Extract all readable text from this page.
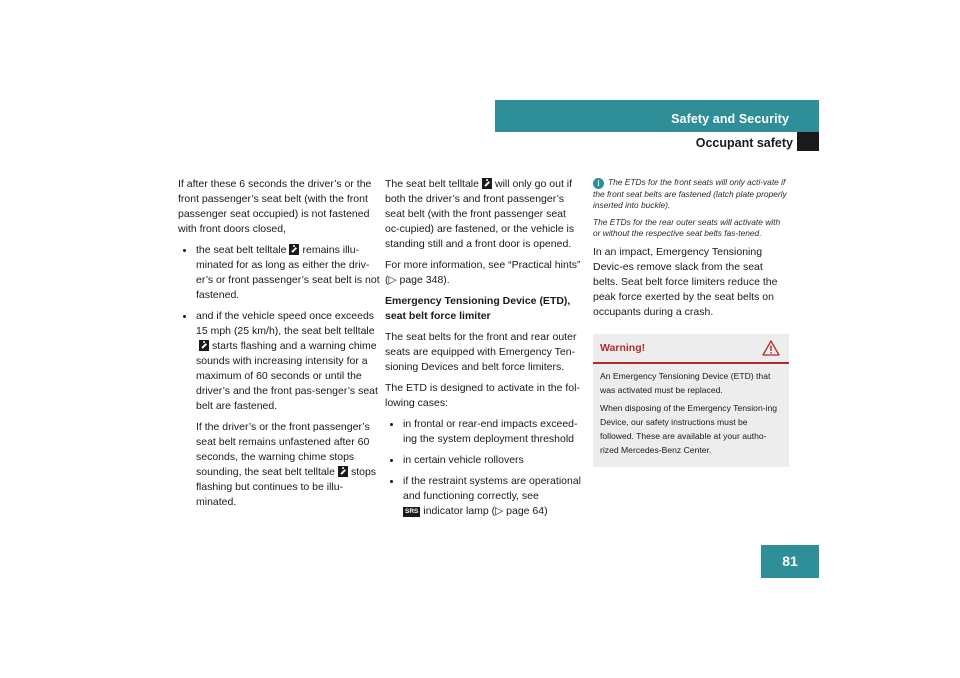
Safety and Security
Occupant safety

If after these 6 seconds the driver’s or the front passenger’s seat belt (with the front passenger seat occupied) is not fastened with front doors closed,

the seat belt telltale remains illu-minated for as long as either the driv-er’s or front passenger’s seat belt is not fastened.
and if the vehicle speed once exceeds 15 mph (25 km/h), the seat belt telltalestarts flashing and a warning chime sounds with increasing intensity for a maximum of 60 seconds or until the driver’s and the front pas-senger’s seat belt are fastened.

If the driver’s or the front passenger’s seat belt remains unfastened after 60 seconds, the warning chime stops sounding, the seat belt telltale stops flashing but continues to be illu-minated.

The seat belt telltale will only go out if both the driver’s and front passenger’s seat belt (with the front passenger seat oc-cupied) are fastened, or the vehicle is standing still and a front door is opened.

For more information, see “Practical hints” (▷ page 348).

Emergency Tensioning Device (ETD), seat belt force limiter

The seat belts for the front and rear outer seats are equipped with Emergency Ten-sioning Devices and belt force limiters.

The ETD is designed to activate in the fol-lowing cases:

in frontal or rear-end impacts exceed-ing the system deployment threshold
in certain vehicle rollovers
if the restraint systems are operational and functioning correctly, see
SRS indicator lamp (▷ page 64)

i The ETDs for the front seats will only acti-vate if the front seat belts are fastened (latch plate properly inserted into buckle).

The ETDs for the rear outer seats will activate with or without the respective seat belts fas-tened.

In an impact, Emergency Tensioning Devic-es remove slack from the seat belts. Seat belt force limiters reduce the peak force exerted by the seat belts on occupants during a crash.

Warning!

An Emergency Tensioning Device (ETD) that was activated must be replaced.

When disposing of the Emergency Tension-ing Device, our safety instructions must be followed. These are available at your autho-rized Mercedes-Benz Center.

81
